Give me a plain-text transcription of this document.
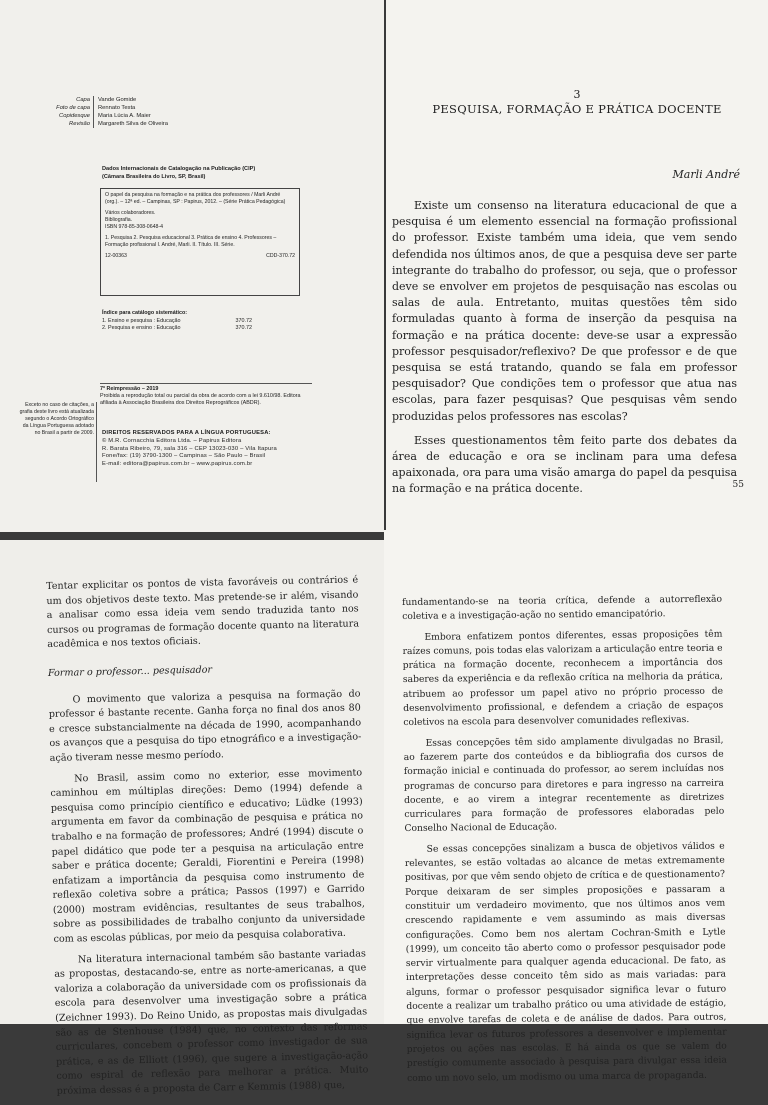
Capa Vande Gomide
Foto de capa Rennato Testa
Copidesque Maria Lúcia A. Maier
Revisão Margareth Silva de Oliveira
Dados Internacionais de Catalogação na Publicação (CIP)
(Câmara Brasileira do Livro, SP, Brasil)

O papel da pesquisa na formação e na prática dos professores / Marli André (org.). – 12ª ed. – Campinas, SP : Papirus, 2012. – (Série Prática Pedagógica)

Vários colaboradores.
Bibliografia.
ISBN 978-85-308-0648-4

1. Pesquisa 2. Pesquisa educacional 3. Prática de ensino 4. Professores – Formação profissional I. André, Marli. II. Título. III. Série.

12-00363	CDD-370.72
Índice para catálogo sistemático:
1. Ensino e pesquisa : Educação	370.72
2. Pesquisa e ensino : Educação	370.72
7ª Reimpressão – 2019
Proibida a reprodução total ou parcial da obra de acordo com a lei 9.610/98. Editora afiliada à Associação Brasileira dos Direitos Reprográficos (ABDR).
Exceto no caso de citações, a grafia deste livro está atualizada segundo o Acordo Ortográfico da Língua Portuguesa adotado no Brasil a partir de 2009. DIREITOS RESERVADOS PARA A LÍNGUA PORTUGUESA:
© M.R. Cornacchia Editora Ltda. – Papirus Editora
R. Barata Ribeiro, 79, sala 316 – CEP 13023-030 – Vila Itapura
Fone/fax: (19) 3790-1300 – Campinas – São Paulo – Brasil
E-mail: editora@papirus.com.br – www.papirus.com.br
3
PESQUISA, FORMAÇÃO E PRÁTICA DOCENTE
Marli André

Existe um consenso na literatura educacional de que a pesquisa é um elemento essencial na formação profissional do professor. Existe também uma ideia, que vem sendo defendida nos últimos anos, de que a pesquisa deve ser parte integrante do trabalho do professor, ou seja, que o professor deve se envolver em projetos de pesquisação nas escolas ou salas de aula. Entretanto, muitas questões têm sido formuladas quanto à forma de inserção da pesquisa na formação e na prática docente: deve-se usar a expressão professor pesquisador/reflexivo? De que professor e de que pesquisa se está tratando, quando se fala em professor pesquisador? Que condições tem o professor que atua nas escolas, para fazer pesquisas? Que pesquisas vêm sendo produzidas pelos professores nas escolas?

Esses questionamentos têm feito parte dos debates da área de educação e ora se inclinam para uma defesa apaixonada, ora para uma visão amarga do papel da pesquisa na formação e na prática docente.	55

Tentar explicitar os pontos de vista favoráveis ou contrários é um dos objetivos deste texto. Mas pretende-se ir além, visando a analisar como essa ideia vem sendo traduzida tanto nos cursos ou programas de formação docente quanto na literatura acadêmica e nos textos oficiais.

Formar o professor... pesquisador

O movimento que valoriza a pesquisa na formação do professor é bastante recente. Ganha força no final dos anos 80 e cresce substancialmente na década de 1990, acompanhando os avanços que a pesquisa do tipo etnográfico e a investigação-ação tiveram nesse mesmo período.

No Brasil, assim como no exterior, esse movimento caminhou em múltiplas direções: Demo (1994) defende a pesquisa como princípio científico e educativo; Lüdke (1993) argumenta em favor da combinação de pesquisa e prática no trabalho e na formação de professores; André (1994) discute o papel didático que pode ter a pesquisa na articulação entre saber e prática docente; Geraldi, Fiorentini e Pereira (1998) enfatizam a importância da pesquisa como instrumento de reflexão coletiva sobre a prática; Passos (1997) e Garrido (2000) mostram evidências, resultantes de seus trabalhos, sobre as possibilidades de trabalho conjunto da universidade com as escolas públicas, por meio da pesquisa colaborativa.

Na literatura internacional também são bastante variadas as propostas, destacando-se, entre as norte-americanas, a que valoriza a colaboração da universidade com os profissionais da escola para desenvolver uma investigação sobre a prática (Zeichner 1993). Do Reino Unido, as propostas mais divulgadas são as de Stenhouse (1984) que, no contexto das reformas curriculares, concebem o professor como investigador de sua prática, e as de Elliott (1996), que sugere a investigação-ação como espiral de reflexão para melhorar a prática. Muito próxima dessas é a proposta de Carr e Kemmis (1988) que,

fundamentando-se na teoria crítica, defende a autorreflexão coletiva e a investigação-ação no sentido emancipatório.

Embora enfatizem pontos diferentes, essas proposições têm raízes comuns, pois todas elas valorizam a articulação entre teoria e prática na formação docente, reconhecem a importância dos saberes da experiência e da reflexão crítica na melhoria da prática, atribuem ao professor um papel ativo no próprio processo de desenvolvimento profissional, e defendem a criação de espaços coletivos na escola para desenvolver comunidades reflexivas.

Essas concepções têm sido amplamente divulgadas no Brasil, ao fazerem parte dos conteúdos e da bibliografia dos cursos de formação inicial e continuada do professor, ao serem incluídas nos programas de concurso para diretores e para ingresso na carreira docente, e ao virem a integrar recentemente as diretrizes curriculares para formação de professores elaboradas pelo Conselho Nacional de Educação.

Se essas concepções sinalizam a busca de objetivos válidos e relevantes, se estão voltadas ao alcance de metas extremamente positivas, por que vêm sendo objeto de crítica e de questionamento? Porque deixaram de ser simples proposições e passaram a constituir um verdadeiro movimento, que nos últimos anos vem crescendo rapidamente e vem assumindo as mais diversas configurações. Como bem nos alertam Cochran-Smith e Lytle (1999), um conceito tão aberto como o professor pesquisador pode servir virtualmente para qualquer agenda educacional. De fato, as interpretações desse conceito têm sido as mais variadas: para alguns, formar o professor pesquisador significa levar o futuro docente a realizar um trabalho prático ou uma atividade de estágio, que envolve tarefas de coleta e de análise de dados. Para outros, significa levar os futuros professores a desenvolver e implementar projetos ou ações nas escolas. E há ainda os que se valem do prestígio comumente associado à pesquisa para divulgar essa ideia como um novo selo, um modismo ou uma marca de propaganda.
